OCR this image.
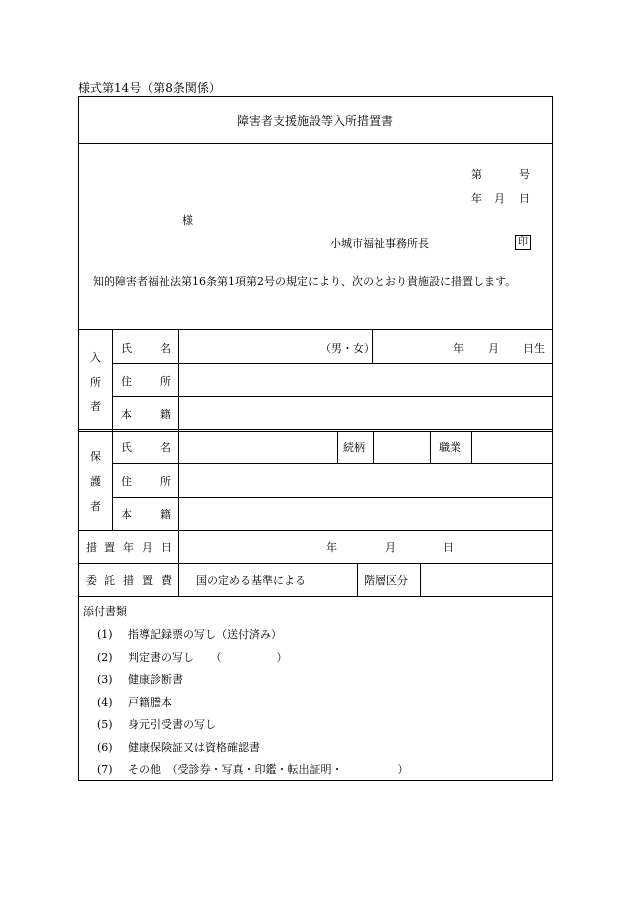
様式第14号（第8条関係）
障害者支援施設等入所措置書
第	号
年 月 日
様
小城市福祉事務所長	印
知的障害者福祉法第16条第1項第2号の規定により、次のとおり貴施設に措置します。
入
所
者
氏	名	（男・女）	年 月 日生
住	所
本	籍
保
護
者
氏	名	続柄	職業
住	所
本	籍
措 置 年 月 日	年	月	日
委 託 措 置 費 国の定める基準による	階層区分
添付書類
(1) 指導記録票の写し（送付済み）
(2) 判定書の写し　　（　　　　　）
(3) 健康診断書
(4) 戸籍謄本
(5) 身元引受書の写し
(6) 健康保険証又は資格確認書
(7) その他　（受診券・写真・印鑑・転出証明・　　　　　）
